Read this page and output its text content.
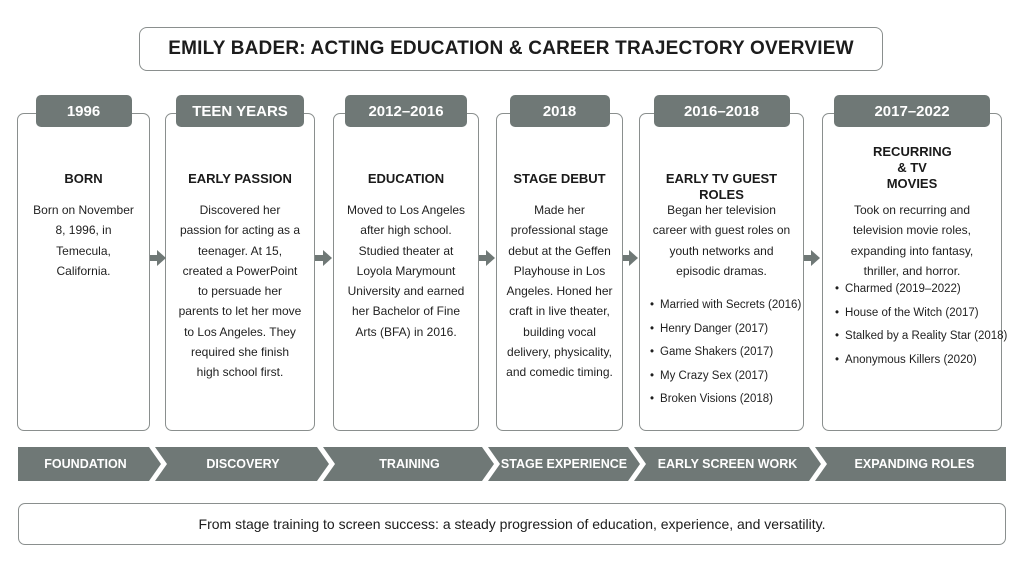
EMILY BADER: ACTING EDUCATION & CAREER TRAJECTORY OVERVIEW
1996
BORN
Born on November 8, 1996, in Temecula, California.
TEEN YEARS
EARLY PASSION
Discovered her passion for acting as a teenager. At 15, created a PowerPoint to persuade her parents to let her move to Los Angeles. They required she finish high school first.
2012–2016
EDUCATION
Moved to Los Angeles after high school. Studied theater at Loyola Marymount University and earned her Bachelor of Fine Arts (BFA) in 2016.
2018
STAGE DEBUT
Made her professional stage debut at the Geffen Playhouse in Los Angeles. Honed her craft in live theater, building vocal delivery, physicality, and comedic timing.
2016–2018
EARLY TV GUEST ROLES
Began her television career with guest roles on youth networks and episodic dramas.
• Married with Secrets (2016)
• Henry Danger (2017)
• Game Shakers (2017)
• My Crazy Sex (2017)
• Broken Visions (2018)
2017–2022
RECURRING & TV MOVIES
Took on recurring and television movie roles, expanding into fantasy, thriller, and horror.
• Charmed (2019–2022)
• House of the Witch (2017)
• Stalked by a Reality Star (2018)
• Anonymous Killers (2020)
FOUNDATION	DISCOVERY	TRAINING	STAGE EXPERIENCE	EARLY SCREEN WORK	EXPANDING ROLES
From stage training to screen success: a steady progression of education, experience, and versatility.
